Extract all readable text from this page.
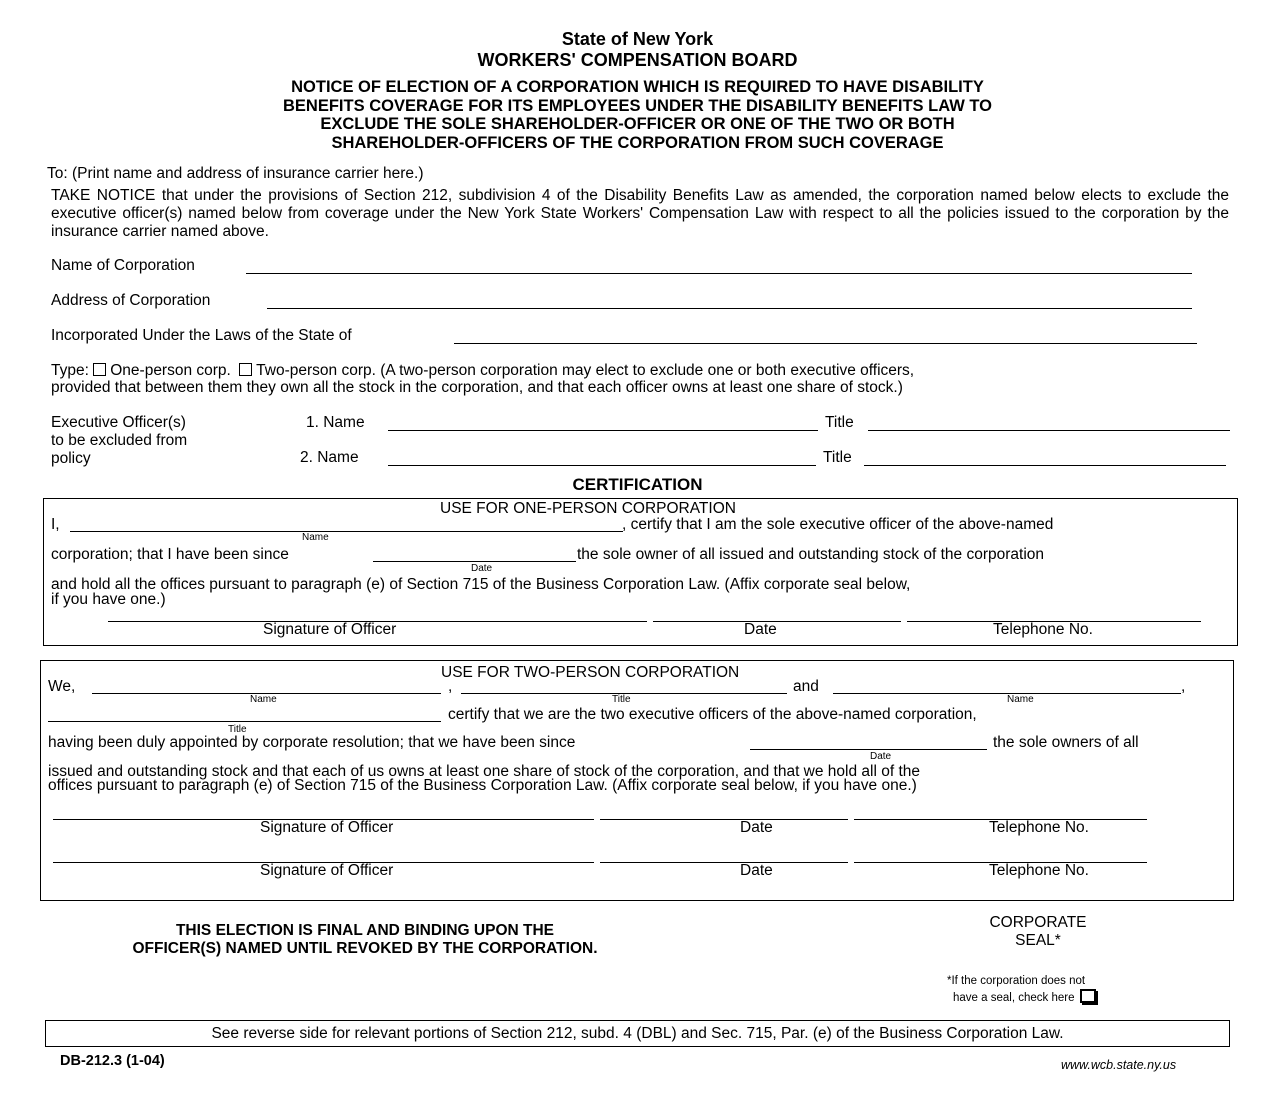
State of New York
WORKERS' COMPENSATION BOARD
NOTICE OF ELECTION OF A CORPORATION WHICH IS REQUIRED TO HAVE DISABILITY
BENEFITS COVERAGE FOR ITS EMPLOYEES UNDER THE DISABILITY BENEFITS LAW TO
EXCLUDE THE SOLE SHAREHOLDER-OFFICER OR ONE OF THE TWO OR BOTH
SHAREHOLDER-OFFICERS OF THE CORPORATION FROM SUCH COVERAGE
To: (Print name and address of insurance carrier here.)
TAKE NOTICE that under the provisions of Section 212, subdivision 4 of the Disability Benefits Law as amended, the corporation named below elects to exclude the executive officer(s) named below from coverage under the New York State Workers' Compensation Law with respect to all the policies issued to the corporation by the insurance carrier named above.
Name of Corporation
Address of Corporation
Incorporated Under the Laws of the State of
Type: One-person corp. Two-person corp. (A two-person corporation may elect to exclude one or both executive officers,
provided that between them they own all the stock in the corporation, and that each officer owns at least one share of stock.)
Executive Officer(s)
to be excluded from
policy
1. Name	Title
2. Name	Title
CERTIFICATION
USE FOR ONE-PERSON CORPORATION
I,
Name
, certify that I am the sole executive officer of the above-named
corporation; that I have been since
Date
the sole owner of all issued and outstanding stock of the corporation
and hold all the offices pursuant to paragraph (e) of Section 715 of the Business Corporation Law. (Affix corporate seal below,
if you have one.)
Signature of Officer	Date	Telephone No.
USE FOR TWO-PERSON CORPORATION
We,
Name
,
Title
and
Name
,
Title
certify that we are the two executive officers of the above-named corporation,
having been duly appointed by corporate resolution; that we have been since
Date
the sole owners of all
issued and outstanding stock and that each of us owns at least one share of stock of the corporation, and that we hold all of the
offices pursuant to paragraph (e) of Section 715 of the Business Corporation Law. (Affix corporate seal below, if you have one.)
Signature of Officer	Date	Telephone No.
Signature of Officer	Date	Telephone No.
THIS ELECTION IS FINAL AND BINDING UPON THE
OFFICER(S) NAMED UNTIL REVOKED BY THE CORPORATION.
CORPORATE
SEAL*
*If the corporation does not
have a seal, check here
See reverse side for relevant portions of Section 212, subd. 4 (DBL) and Sec. 715, Par. (e) of the Business Corporation Law.
DB-212.3 (1-04)	www.wcb.state.ny.us
